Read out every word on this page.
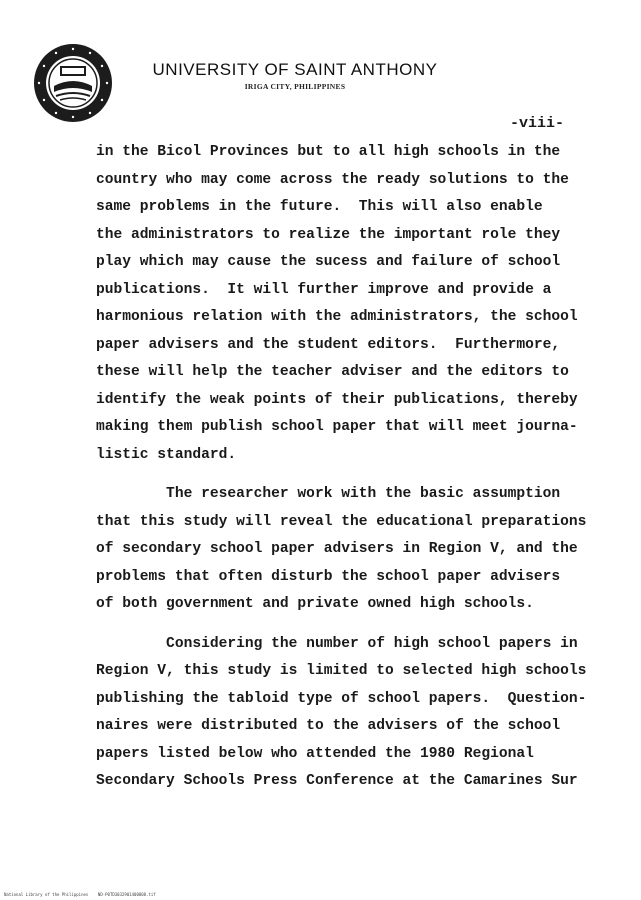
UNIVERSITY OF SAINT ANTHONY
IRIGA CITY, PHILIPPINES
-viii-
in the Bicol Provinces but to all high schools in the
country who may come across the ready solutions to the
same problems in the future.  This will also enable
the administrators to realize the important role they
play which may cause the sucess and failure of school
publications.  It will further improve and provide a
harmonious relation with the administrators, the school
paper advisers and the student editors.  Furthermore,
these will help the teacher adviser and the editors to
identify the weak points of their publications, thereby
making them publish school paper that will meet journa-
listic standard.
The researcher work with the basic assumption
that this study will reveal the educational preparations
of secondary school paper advisers in Region V, and the
problems that often disturb the school paper advisers
of both government and private owned high schools.
Considering the number of high school papers in
Region V, this study is limited to selected high schools
publishing the tabloid type of school papers.  Question-
naires were distributed to the advisers of the school
papers listed below who attended the 1980 Regional
Secondary Schools Press Conference at the Camarines Sur
National Library of the Philippines    ND-P0TD3032901400808.tif
